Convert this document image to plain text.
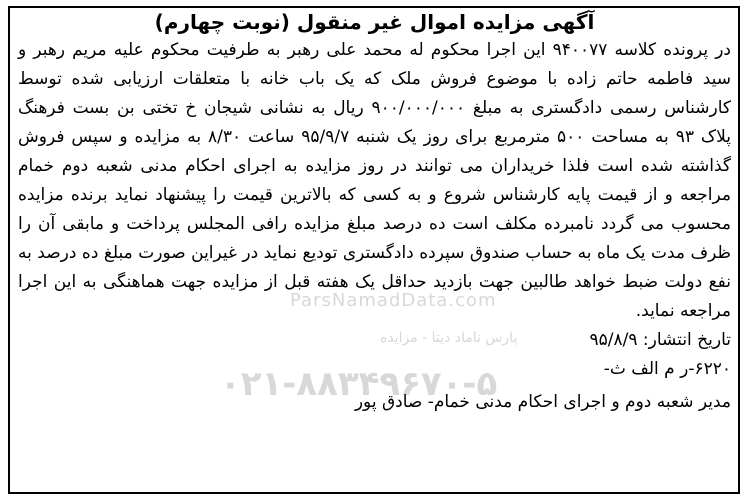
ParsNamadData.com
پارس ناماد دیتا - مزایده
۰۲۱-۸۸۳۴۹۶۷۰-۵
آگهی مزایده اموال غیر منقول (نوبت چهارم)
در پرونده کلاسه ۹۴۰۰۷۷ این اجرا محکوم له محمد علی رهبر به طرفیت محکوم علیه مریم رهبر و سید فاطمه حاتم زاده با موضوع فروش ملک که یک باب خانه با متعلقات ارزیابی شده توسط کارشناس رسمی دادگستری به مبلغ ۹۰۰/۰۰۰/۰۰۰ ریال به نشانی شیجان خ تختی بن بست فرهنگ پلاک ۹۳ به مساحت ۵۰۰ مترمربع برای روز یک شنبه ۹۵/۹/۷ ساعت ۸/۳۰ به مزایده و سپس فروش گذاشته شده است فلذا خریداران می توانند در روز مزایده به اجرای احکام مدنی شعبه دوم خمام مراجعه و از قیمت پایه کارشناس شروع و به کسی که بالاترین قیمت را پیشنهاد نماید برنده مزایده محسوب می گردد نامبرده مکلف است ده درصد مبلغ مزایده رافی المجلس پرداخت و مابقی آن را ظرف مدت یک ماه به حساب صندوق سپرده دادگستری تودیع نماید در غیراین صورت مبلغ ده درصد به نفع دولت ضبط خواهد طالبین جهت بازدید حداقل یک هفته قبل از مزایده جهت هماهنگی به این اجرا مراجعه نماید.
تاریخ انتشار: ۹۵/۸/۹
۶۲۲۰-ر م الف ث-
مدیر شعبه دوم و اجرای احکام مدنی خمام- صادق پور
